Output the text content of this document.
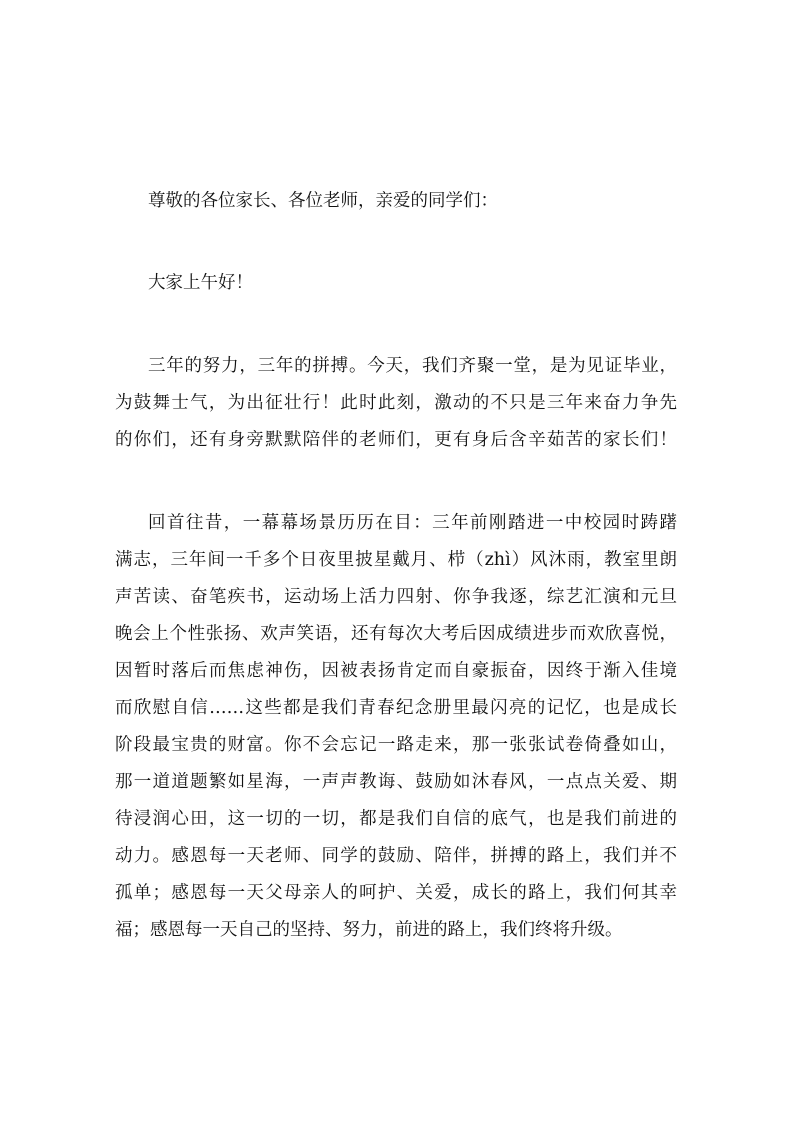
尊敬的各位家长、各位老师，亲爱的同学们：
大家上午好！
三年的努力，三年的拼搏。今天，我们齐聚一堂，是为见证毕业，
为鼓舞士气，为出征壮行！此时此刻，激动的不只是三年来奋力争先
的你们，还有身旁默默陪伴的老师们，更有身后含辛茹苦的家长们！
回首往昔，一幕幕场景历历在目：三年前刚踏进一中校园时踌躇
满志，三年间一千多个日夜里披星戴月、栉（zhì）风沐雨，教室里朗
声苦读、奋笔疾书，运动场上活力四射、你争我逐，综艺汇演和元旦
晚会上个性张扬、欢声笑语，还有每次大考后因成绩进步而欢欣喜悦，
因暂时落后而焦虑神伤，因被表扬肯定而自豪振奋，因终于渐入佳境
而欣慰自信……这些都是我们青春纪念册里最闪亮的记忆，也是成长
阶段最宝贵的财富。你不会忘记一路走来，那一张张试卷倚叠如山，
那一道道题繁如星海，一声声教诲、鼓励如沐春风，一点点关爱、期
待浸润心田，这一切的一切，都是我们自信的底气，也是我们前进的
动力。感恩每一天老师、同学的鼓励、陪伴，拼搏的路上，我们并不
孤单；感恩每一天父母亲人的呵护、关爱，成长的路上，我们何其幸
福；感恩每一天自己的坚持、努力，前进的路上，我们终将升级。
